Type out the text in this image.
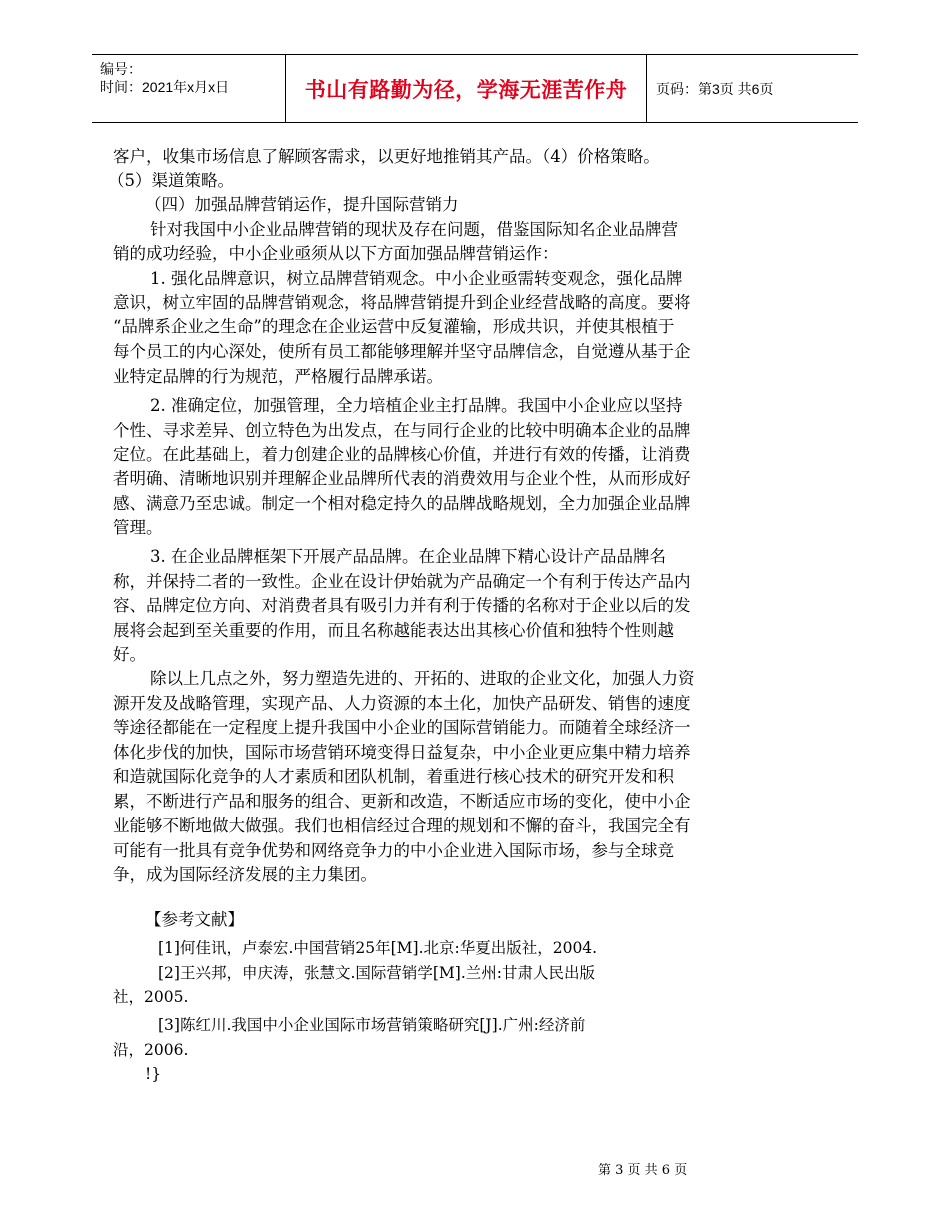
编号：
时间：2021年x月x日	书山有路勤为径，学海无涯苦作舟 页码：第3页 共6页
客户，收集市场信息了解顾客需求，以更好地推销其产品。（4）价格策略。
（5）渠道策略。
（四）加强品牌营销运作，提升国际营销力
针对我国中小企业品牌营销的现状及存在问题，借鉴国际知名企业品牌营
销的成功经验，中小企业亟须从以下方面加强品牌营销运作：
1. 强化品牌意识，树立品牌营销观念。中小企业亟需转变观念，强化品牌
意识，树立牢固的品牌营销观念，将品牌营销提升到企业经营战略的高度。要将
“品牌系企业之生命”的理念在企业运营中反复灌输，形成共识，并使其根植于
每个员工的内心深处，使所有员工都能够理解并坚守品牌信念，自觉遵从基于企
业特定品牌的行为规范，严格履行品牌承诺。
2. 准确定位，加强管理，全力培植企业主打品牌。我国中小企业应以坚持
个性、寻求差异、创立特色为出发点，在与同行企业的比较中明确本企业的品牌
定位。在此基础上，着力创建企业的品牌核心价值，并进行有效的传播，让消费
者明确、清晰地识别并理解企业品牌所代表的消费效用与企业个性，从而形成好
感、满意乃至忠诚。制定一个相对稳定持久的品牌战略规划，全力加强企业品牌
管理。
3. 在企业品牌框架下开展产品品牌。在企业品牌下精心设计产品品牌名
称，并保持二者的一致性。企业在设计伊始就为产品确定一个有利于传达产品内
容、品牌定位方向、对消费者具有吸引力并有利于传播的名称对于企业以后的发
展将会起到至关重要的作用，而且名称越能表达出其核心价值和独特个性则越
好。
除以上几点之外，努力塑造先进的、开拓的、进取的企业文化，加强人力资
源开发及战略管理，实现产品、人力资源的本土化，加快产品研发、销售的速度
等途径都能在一定程度上提升我国中小企业的国际营销能力。而随着全球经济一
体化步伐的加快，国际市场营销环境变得日益复杂，中小企业更应集中精力培养
和造就国际化竞争的人才素质和团队机制，着重进行核心技术的研究开发和积
累，不断进行产品和服务的组合、更新和改造，不断适应市场的变化，使中小企
业能够不断地做大做强。我们也相信经过合理的规划和不懈的奋斗，我国完全有
可能有一批具有竞争优势和网络竞争力的中小企业进入国际市场，参与全球竞
争，成为国际经济发展的主力集团。
【参考文献】
[1]何佳讯，卢泰宏.中国营销25年[M].北京:华夏出版社，2004.
[2]王兴邦，申庆涛，张慧文.国际营销学[M].兰州:甘肃人民出版
社，2005.
[3]陈红川.我国中小企业国际市场营销策略研究[J].广州:经济前
沿，2006.
!}
第 3 页 共 6 页
